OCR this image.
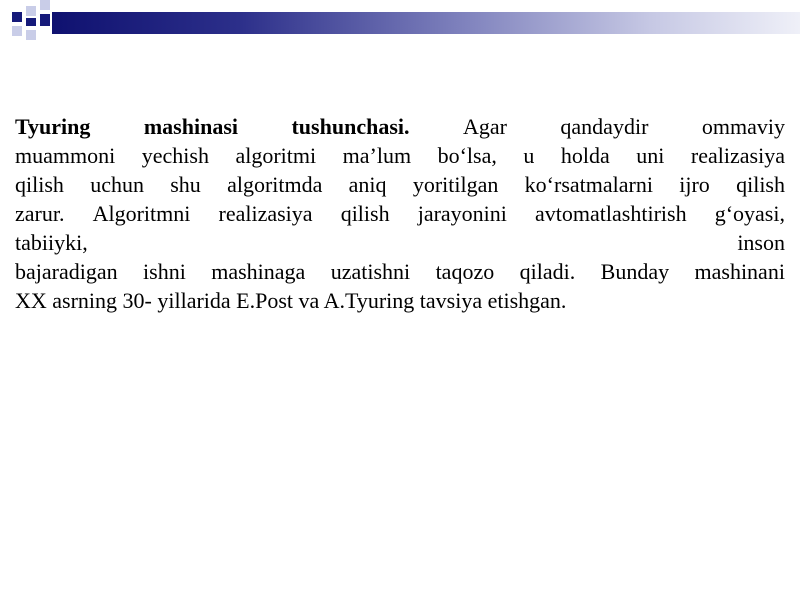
Tyuring mashinasi tushunchasi. Agar qandaydir ommaviy
muammoni yechish algoritmi ma’lum bo‘lsa, u holda uni realizasiya
qilish uchun shu algoritmda aniq yoritilgan ko‘rsatmalarni ijro qilish
zarur. Algoritmni realizasiya qilish jarayonini avtomatlashtirish g‘oyasi,
tabiiyki,	inson
bajaradigan ishni mashinaga uzatishni taqozo qiladi. Bunday mashinani
XX asrning 30- yillarida E.Post va A.Tyuring tavsiya etishgan.
